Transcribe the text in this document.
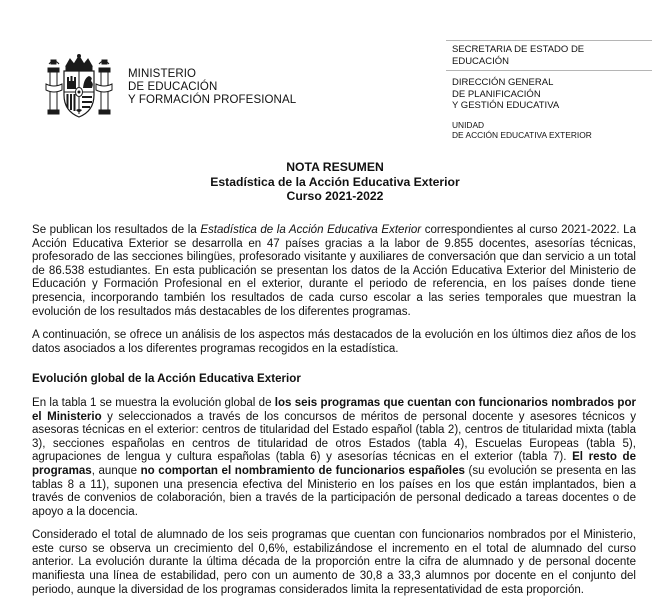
MINISTERIO
DE EDUCACIÓN
Y FORMACIÓN PROFESIONAL
SECRETARIA DE ESTADO DE
EDUCACIÓN
DIRECCIÓN GENERAL
DE PLANIFICACIÓN
Y GESTIÓN EDUCATIVA
UNIDAD
DE ACCIÓN EDUCATIVA EXTERIOR
NOTA RESUMEN
Estadística de la Acción Educativa Exterior
Curso 2021-2022

Se publican los resultados de la Estadística de la Acción Educativa Exterior correspondientes al curso 2021-2022. La Acción Educativa Exterior se desarrolla en 47 países gracias a la labor de 9.855 docentes, asesorías técnicas, profesorado de las secciones bilingües, profesorado visitante y auxiliares de conversación que dan servicio a un total de 86.538 estudiantes. En esta publicación se presentan los datos de la Acción Educativa Exterior del Ministerio de Educación y Formación Profesional en el exterior, durante el periodo de referencia, en los países donde tiene presencia, incorporando también los resultados de cada curso escolar a las series temporales que muestran la evolución de los resultados más destacables de los diferentes programas.

A continuación, se ofrece un análisis de los aspectos más destacados de la evolución en los últimos diez años de los datos asociados a los diferentes programas recogidos en la estadística.

Evolución global de la Acción Educativa Exterior

En la tabla 1 se muestra la evolución global de los seis programas que cuentan con funcionarios nombrados por el Ministerio y seleccionados a través de los concursos de méritos de personal docente y asesores técnicos y asesoras técnicas en el exterior: centros de titularidad del Estado español (tabla 2), centros de titularidad mixta (tabla 3), secciones españolas en centros de titularidad de otros Estados (tabla 4), Escuelas Europeas (tabla 5), agrupaciones de lengua y cultura españolas (tabla 6) y asesorías técnicas en el exterior (tabla 7). El resto de programas, aunque no comportan el nombramiento de funcionarios españoles (su evolución se presenta en las tablas 8 a 11), suponen una presencia efectiva del Ministerio en los países en los que están implantados, bien a través de convenios de colaboración, bien a través de la participación de personal dedicado a tareas docentes o de apoyo a la docencia.

Considerado el total de alumnado de los seis programas que cuentan con funcionarios nombrados por el Ministerio, este curso se observa un crecimiento del 0,6%, estabilizándose el incremento en el total de alumnado del curso anterior. La evolución durante la última década de la proporción entre la cifra de alumnado y de personal docente manifiesta una línea de estabilidad, pero con un aumento de 30,8 a 33,3 alumnos por docente en el conjunto del periodo, aunque la diversidad de los programas considerados limita la representatividad de esta proporción.
